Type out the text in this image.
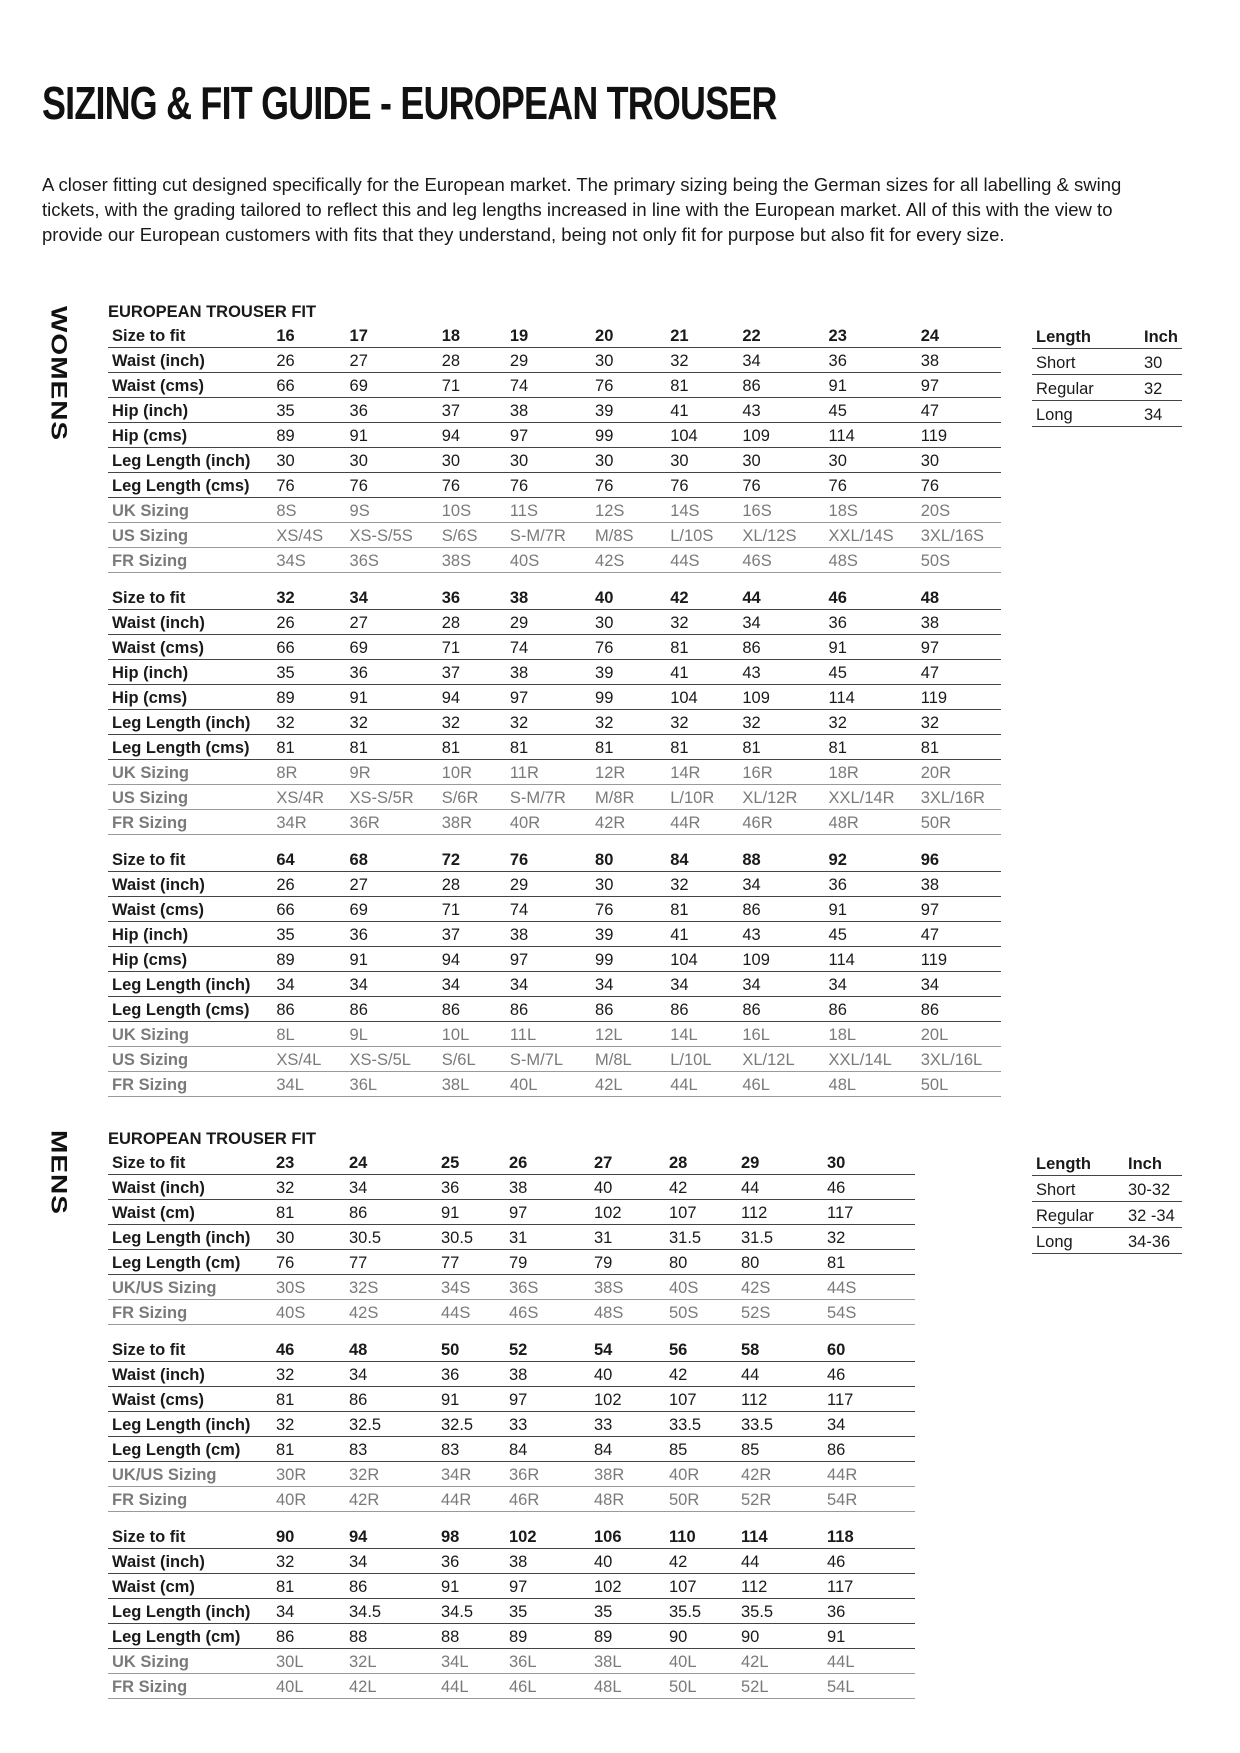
SIZING & FIT GUIDE - EUROPEAN TROUSER

A closer fitting cut designed specifically for the European market. The primary sizing being the German sizes for all labelling & swing tickets, with the grading tailored to reflect this and leg lengths increased in line with the European market. All of this with the view to provide our European customers with fits that they understand, being not only fit for purpose but also fit for every size.

WOMENS EUROPEAN TROUSER FIT
Size to fit	16	17	18	19	20	21	22	23	24
Waist (inch)	26	27	28	29	30	32	34	36	38
Waist (cms)	66	69	71	74	76	81	86	91	97
Hip (inch)	35	36	37	38	39	41	43	45	47
Hip (cms)	89	91	94	97	99	104	109	114	119
Leg Length (inch)	30	30	30	30	30	30	30	30	30
Leg Length (cms)	76	76	76	76	76	76	76	76	76
UK Sizing	8S	9S	10S	11S	12S	14S	16S	18S	20S
US Sizing	XS/4S	XS-S/5S	S/6S	S-M/7R	M/8S	L/10S	XL/12S	XXL/14S	3XL/16S
FR Sizing	34S	36S	38S	40S	42S	44S	46S	48S	50S
Size to fit	32	34	36	38	40	42	44	46	48
Waist (inch)	26	27	28	29	30	32	34	36	38
Waist (cms)	66	69	71	74	76	81	86	91	97
Hip (inch)	35	36	37	38	39	41	43	45	47
Hip (cms)	89	91	94	97	99	104	109	114	119
Leg Length (inch)	32	32	32	32	32	32	32	32	32
Leg Length (cms)	81	81	81	81	81	81	81	81	81
UK Sizing	8R	9R	10R	11R	12R	14R	16R	18R	20R
US Sizing	XS/4R	XS-S/5R	S/6R	S-M/7R	M/8R	L/10R	XL/12R	XXL/14R	3XL/16R
FR Sizing	34R	36R	38R	40R	42R	44R	46R	48R	50R
Size to fit	64	68	72	76	80	84	88	92	96
Waist (inch)	26	27	28	29	30	32	34	36	38
Waist (cms)	66	69	71	74	76	81	86	91	97
Hip (inch)	35	36	37	38	39	41	43	45	47
Hip (cms)	89	91	94	97	99	104	109	114	119
Leg Length (inch)	34	34	34	34	34	34	34	34	34
Leg Length (cms)	86	86	86	86	86	86	86	86	86
UK Sizing	8L	9L	10L	11L	12L	14L	16L	18L	20L
US Sizing	XS/4L	XS-S/5L	S/6L	S-M/7L	M/8L	L/10L	XL/12L	XXL/14L	3XL/16L
FR Sizing	34L	36L	38L	40L	42L	44L	46L	48L	50L
Length	Inch
Short	30
Regular	32
Long	34
MENS EUROPEAN TROUSER FIT
Size to fit	23	24	25	26	27	28	29	30
Waist (inch)	32	34	36	38	40	42	44	46
Waist (cm)	81	86	91	97	102	107	112	117
Leg Length (inch)	30	30.5	30.5	31	31	31.5	31.5	32
Leg Length (cm)	76	77	77	79	79	80	80	81
UK/US Sizing	30S	32S	34S	36S	38S	40S	42S	44S
FR Sizing	40S	42S	44S	46S	48S	50S	52S	54S
Size to fit	46	48	50	52	54	56	58	60
Waist (inch)	32	34	36	38	40	42	44	46
Waist (cms)	81	86	91	97	102	107	112	117
Leg Length (inch)	32	32.5	32.5	33	33	33.5	33.5	34
Leg Length (cm)	81	83	83	84	84	85	85	86
UK/US Sizing	30R	32R	34R	36R	38R	40R	42R	44R
FR Sizing	40R	42R	44R	46R	48R	50R	52R	54R
Size to fit	90	94	98	102	106	110	114	118
Waist (inch)	32	34	36	38	40	42	44	46
Waist (cm)	81	86	91	97	102	107	112	117
Leg Length (inch)	34	34.5	34.5	35	35	35.5	35.5	36
Leg Length (cm)	86	88	88	89	89	90	90	91
UK Sizing	30L	32L	34L	36L	38L	40L	42L	44L
FR Sizing	40L	42L	44L	46L	48L	50L	52L	54L
Length	Inch
Short	30-32
Regular	32 -34
Long	34-36
